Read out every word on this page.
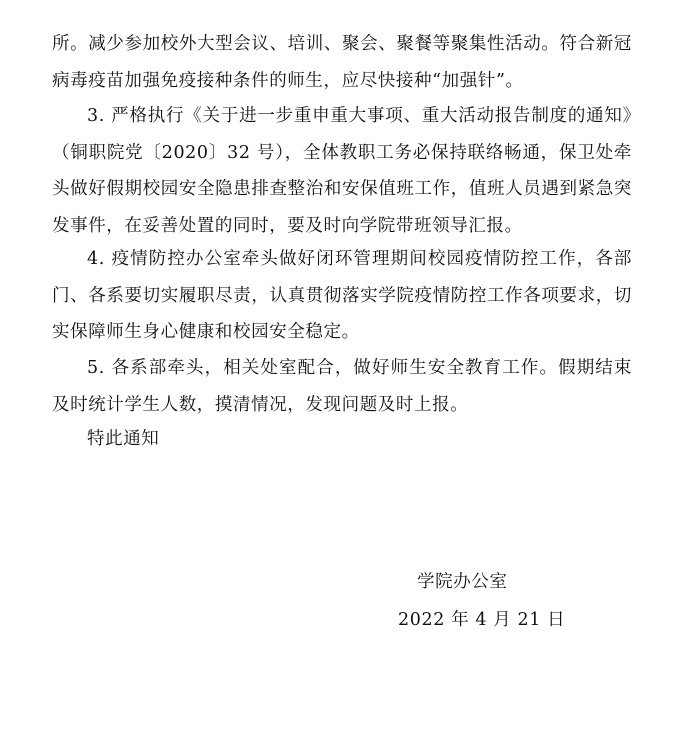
所。减少参加校外大型会议、培训、聚会、聚餐等聚集性活动。符合新冠病毒疫苗加强免疫接种条件的师生，应尽快接种“加强针”。

3. 严格执行《关于进一步重申重大事项、重大活动报告制度的通知》（铜职院党〔2020〕32 号），全体教职工务必保持联络畅通，保卫处牵头做好假期校园安全隐患排查整治和安保值班工作，值班人员遇到紧急突发事件，在妥善处置的同时，要及时向学院带班领导汇报。

4. 疫情防控办公室牵头做好闭环管理期间校园疫情防控工作，各部门、各系要切实履职尽责，认真贯彻落实学院疫情防控工作各项要求，切实保障师生身心健康和校园安全稳定。

5. 各系部牵头，相关处室配合，做好师生安全教育工作。假期结束及时统计学生人数，摸清情况，发现问题及时上报。

特此通知

学院办公室
2022 年 4 月 21 日
